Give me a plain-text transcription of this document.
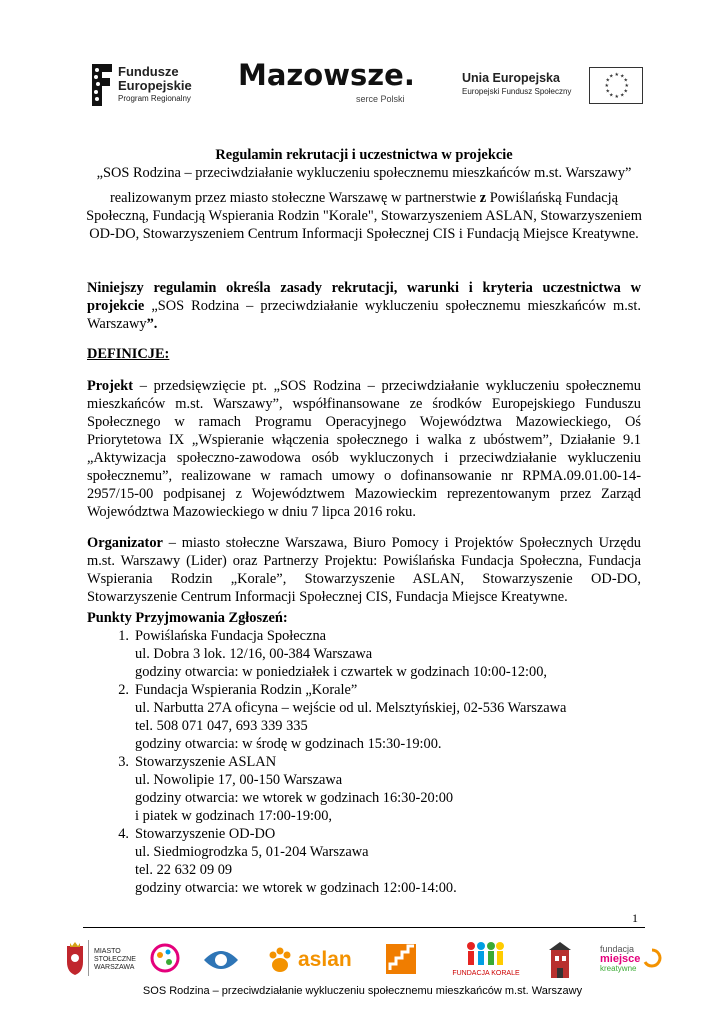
Fundusze
Europejskie
Program Regionalny
Mazowsze.
serce Polski
Unia Europejska
Europejski Fundusz Społeczny
★ ★
★
★
★
★
★
★
★
★
★
★
Regulamin rekrutacji i uczestnictwa w projekcie
„SOS Rodzina – przeciwdziałanie wykluczeniu społecznemu mieszkańców m.st. Warszawy”
realizowanym przez miasto stołeczne Warszawę w partnerstwie z Powiślańską Fundacją Społeczną, Fundacją Wspierania Rodzin "Korale", Stowarzyszeniem ASLAN, Stowarzyszeniem OD-DO, Stowarzyszeniem Centrum Informacji Społecznej CIS i Fundacją Miejsce Kreatywne.
Niniejszy regulamin określa zasady rekrutacji, warunki i kryteria uczestnictwa w projekcie „SOS Rodzina – przeciwdziałanie wykluczeniu społecznemu mieszkańców m.st. Warszawy”.
DEFINICJE:
Projekt – przedsięwzięcie pt. „SOS Rodzina – przeciwdziałanie wykluczeniu społecznemu mieszkańców m.st. Warszawy”, współfinansowane ze środków Europejskiego Funduszu Społecznego w ramach Programu Operacyjnego Województwa Mazowieckiego, Oś Priorytetowa IX „Wspieranie włączenia społecznego i walka z ubóstwem”, Działanie 9.1 „Aktywizacja społeczno-zawodowa osób wykluczonych i przeciwdziałanie wykluczeniu społecznemu”, realizowane w ramach umowy o dofinansowanie nr RPMA.09.01.00-14-2957/15-00 podpisanej z Województwem Mazowieckim reprezentowanym przez Zarząd Województwa Mazowieckiego w dniu 7 lipca 2016 roku.
Organizator – miasto stołeczne Warszawa, Biuro Pomocy i Projektów Społecznych Urzędu m.st. Warszawy (Lider) oraz Partnerzy Projektu: Powiślańska Fundacja Społeczna, Fundacja Wspierania Rodzin „Korale”, Stowarzyszenie ASLAN, Stowarzyszenie OD-DO, Stowarzyszenie Centrum Informacji Społecznej CIS, Fundacja Miejsce Kreatywne.
Punkty Przyjmowania Zgłoszeń:
1. Powiślańska Fundacja Społeczna
ul. Dobra 3 lok. 12/16, 00-384 Warszawa
godziny otwarcia: w poniedziałek i czwartek w godzinach 10:00-12:00,
2. Fundacja Wspierania Rodzin „Korale”
ul. Narbutta 27A oficyna – wejście od ul. Melsztyńskiej, 02-536 Warszawa
tel. 508 071 047, 693 339 335
godziny otwarcia: w środę w godzinach 15:30-19:00.
3. Stowarzyszenie ASLAN
ul. Nowolipie 17, 00-150 Warszawa
godziny otwarcia: we wtorek w godzinach 16:30-20:00
i piatek w godzinach 17:00-19:00,
4. Stowarzyszenie OD-DO
ul. Siedmiogrodzka 5, 01-204 Warszawa
tel. 22 632 09 09
godziny otwarcia: we wtorek w godzinach 12:00-14:00.
1
MIASTO
STOŁECZNE
WARSZAWA	aslan
FUNDACJA KORALE
fundacja
miejsce
kreatywne
SOS Rodzina – przeciwdziałanie wykluczeniu społecznemu mieszkańców m.st. Warszawy
